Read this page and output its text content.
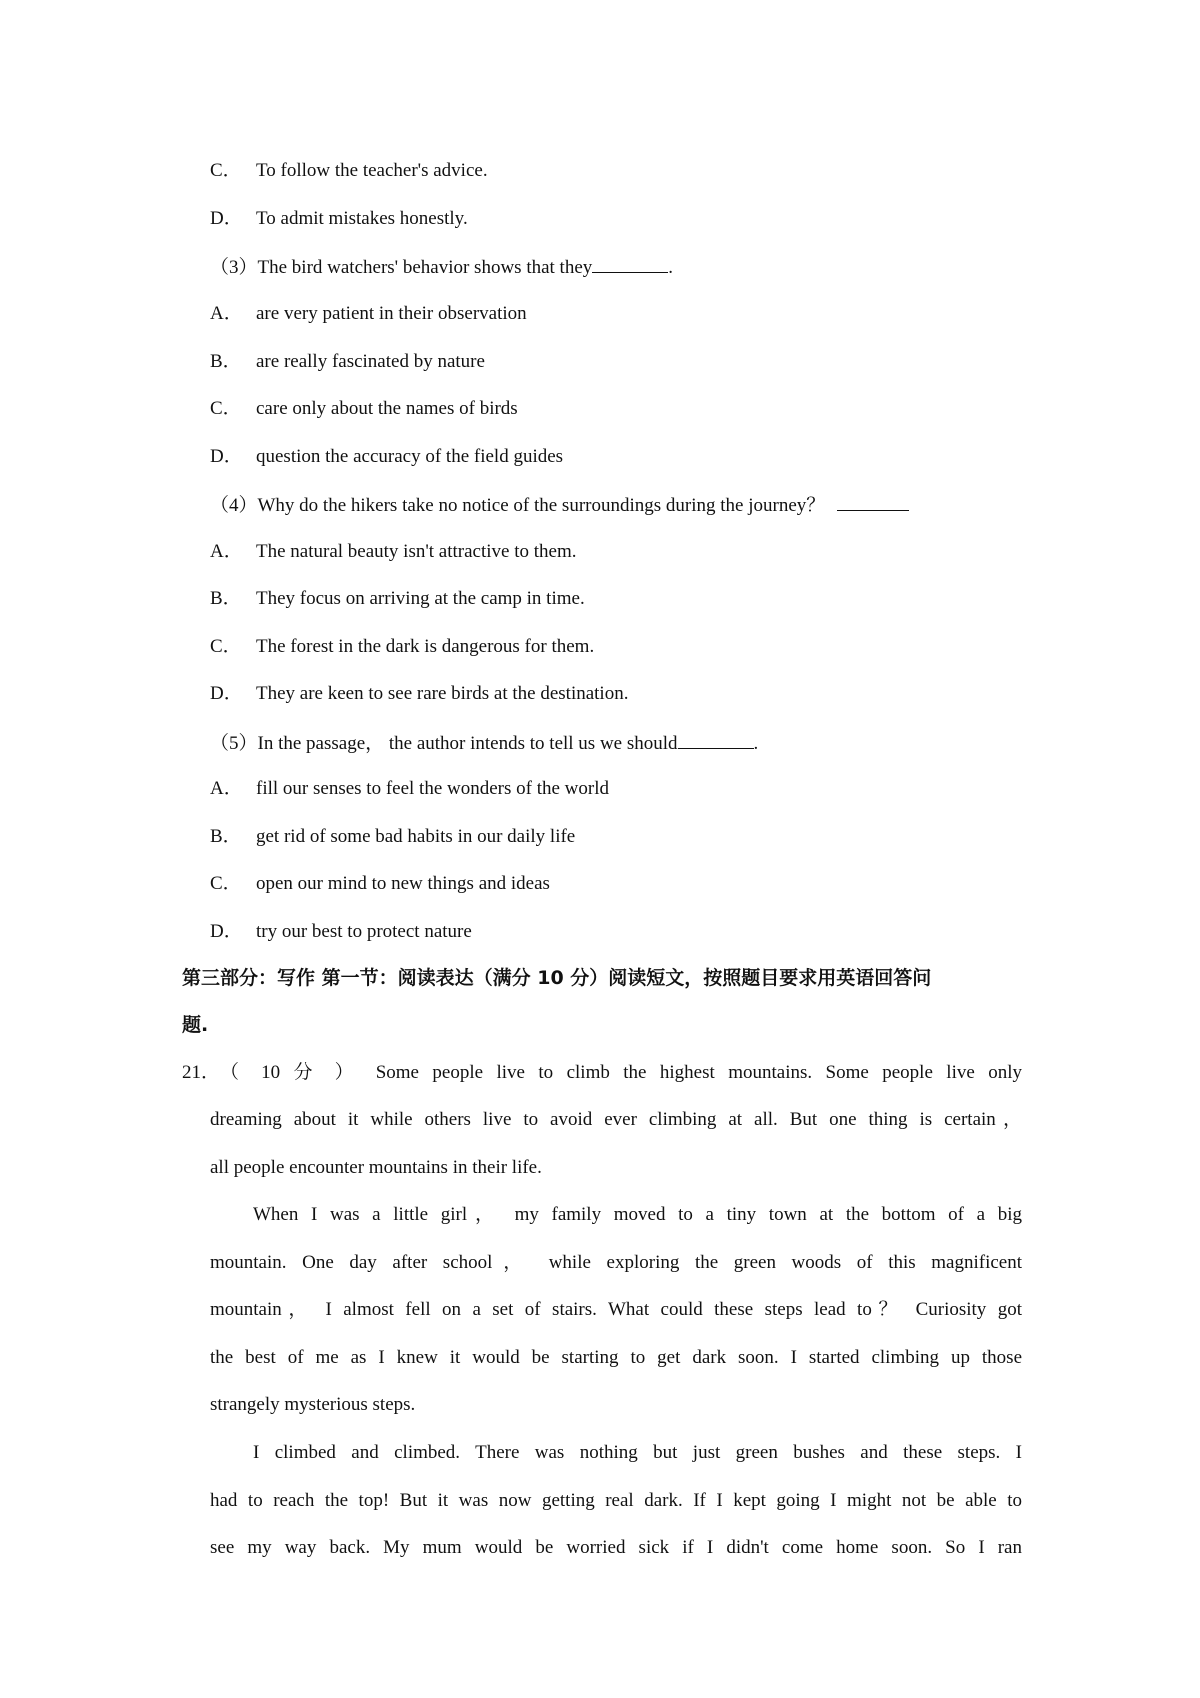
C． To follow the teacher's advice.
D． To admit mistakes honestly.
（3）The bird watchers' behavior shows that they	.
A． are very patient in their observation
B． are really fascinated by nature
C． care only about the names of birds
D． question the accuracy of the field guides
（4）Why do the hikers take no notice of the surroundings during the journey？
A． The natural beauty isn't attractive to them.
B． They focus on arriving at the camp in time.
C． The forest in the dark is dangerous for them.
D． They are keen to see rare birds at the destination.
（5）In the passage， the author intends to tell us we should	.
A． fill our senses to feel the wonders of the world
B． get rid of some bad habits in our daily life
C． open our mind to new things and ideas
D． try our best to protect nature
第三部分：写作 第一节：阅读表达（满分 10 分）阅读短文，按照题目要求用英语回答问
题.
21． （ 10 分 ） Some people live to climb the highest mountains. Some people live only
dreaming about it while others live to avoid ever climbing at all. But one thing is certain，
all people encounter mountains in their life.
When I was a little girl， my family moved to a tiny town at the bottom of a big
mountain. One day after school， while exploring the green woods of this magnificent
mountain， I almost fell on a set of stairs. What could these steps lead to？ Curiosity got
the best of me as I knew it would be starting to get dark soon. I started climbing up those
strangely mysterious steps.
I climbed and climbed. There was nothing but just green bushes and these steps. I
had to reach the top! But it was now getting real dark. If I kept going I might not be able to
see my way back. My mum would be worried sick if I didn't come home soon. So I ran
